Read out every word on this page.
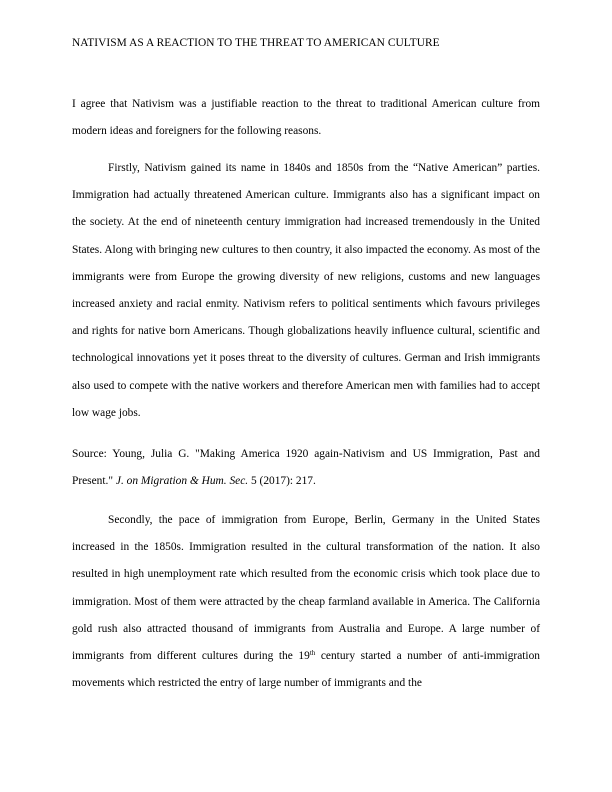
NATIVISM AS A REACTION TO THE THREAT TO AMERICAN CULTURE

I agree that Nativism was a justifiable reaction to the threat to traditional American culture from modern ideas and foreigners for the following reasons.

Firstly, Nativism gained its name in 1840s and 1850s from the “Native American” parties. Immigration had actually threatened American culture. Immigrants also has a significant impact on the society. At the end of nineteenth century immigration had increased tremendously in the United States. Along with bringing new cultures to then country, it also impacted the economy. As most of the immigrants were from Europe the growing diversity of new religions, customs and new languages increased anxiety and racial enmity. Nativism refers to political sentiments which favours privileges and rights for native born Americans. Though globalizations heavily influence cultural, scientific and technological innovations yet it poses threat to the diversity of cultures. German and Irish immigrants also used to compete with the native workers and therefore American men with families had to accept low wage jobs.

Source: Young, Julia G. "Making America 1920 again-Nativism and US Immigration, Past and Present." J. on Migration & Hum. Sec. 5 (2017): 217.

Secondly, the pace of immigration from Europe, Berlin, Germany in the United States increased in the 1850s. Immigration resulted in the cultural transformation of the nation. It also resulted in high unemployment rate which resulted from the economic crisis which took place due to immigration. Most of them were attracted by the cheap farmland available in America. The California gold rush also attracted thousand of immigrants from Australia and Europe. A large number of immigrants from different cultures during the 19th century started a number of anti-immigration movements which restricted the entry of large number of immigrants and the
